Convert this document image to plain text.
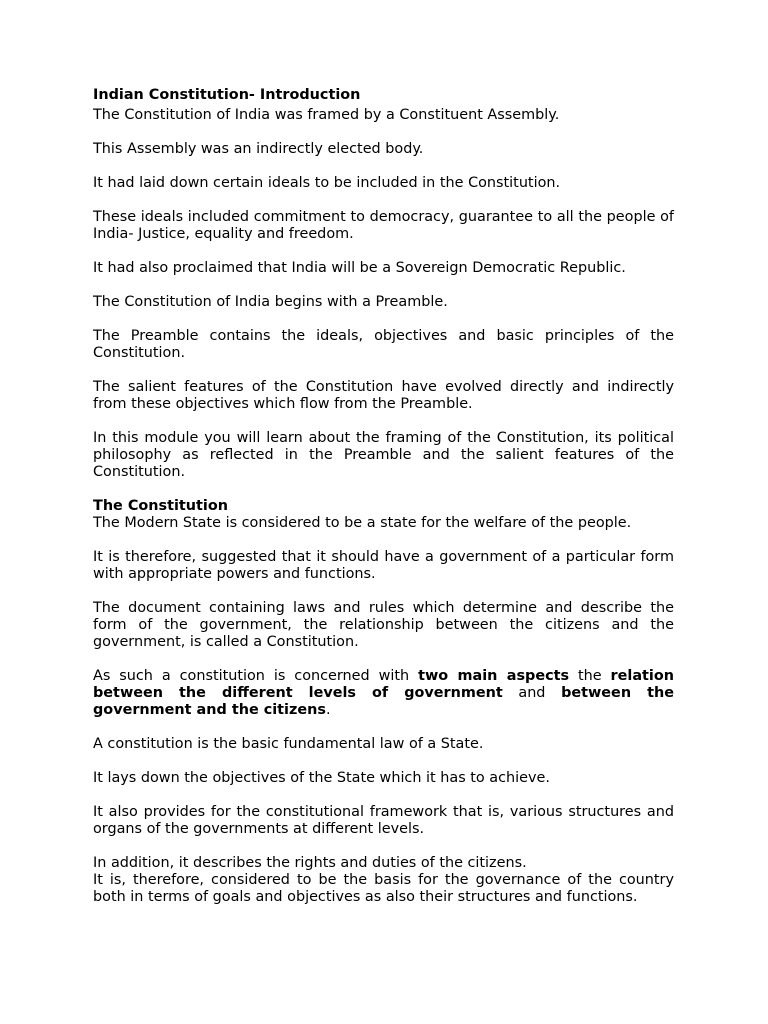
Indian Constitution- Introduction

The Constitution of India was framed by a Constituent Assembly.

This Assembly was an indirectly elected body.

It had laid down certain ideals to be included in the Constitution.

These ideals included commitment to democracy, guarantee to all the people of India- Justice, equality and freedom.

It had also proclaimed that India will be a Sovereign Democratic Republic.

The Constitution of India begins with a Preamble.

The Preamble contains the ideals, objectives and basic principles of the Constitution.

The salient features of the Constitution have evolved directly and indirectly from these objectives which flow from the Preamble.

In this module you will learn about the framing of the Constitution, its political philosophy as reflected in the Preamble and the salient features of the Constitution.

The Constitution

The Modern State is considered to be a state for the welfare of the people.

It is therefore, suggested that it should have a government of a particular form with appropriate powers and functions.

The document containing laws and rules which determine and describe the form of the government, the relationship between the citizens and the government, is called a Constitution.

As such a constitution is concerned with two main aspects the relation between the different levels of government and between the government and the citizens.

A constitution is the basic fundamental law of a State.

It lays down the objectives of the State which it has to achieve.

It also provides for the constitutional framework that is, various structures and organs of the governments at different levels.

In addition, it describes the rights and duties of the citizens.

It is, therefore, considered to be the basis for the governance of the country both in terms of goals and objectives as also their structures and functions.
